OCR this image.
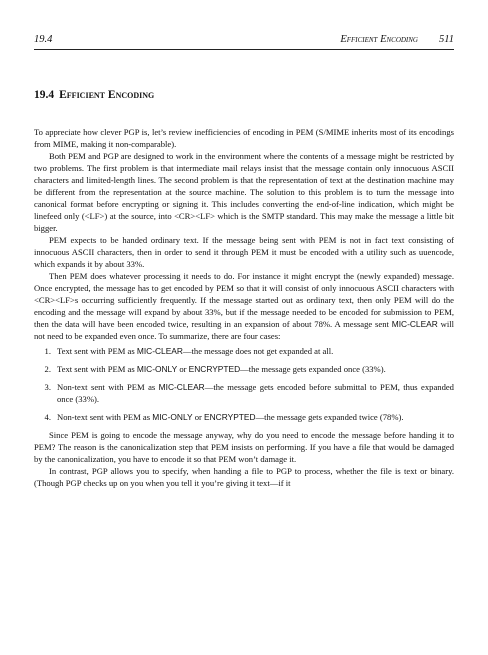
19.4	Efficient Encoding 511
19.4 Efficient Encoding

To appreciate how clever PGP is, let’s review inefficiencies of encoding in PEM (S/MIME inherits most of its encodings from MIME, making it non-comparable).

Both PEM and PGP are designed to work in the environment where the contents of a message might be restricted by two problems. The first problem is that intermediate mail relays insist that the message contain only innocuous ASCII characters and limited-length lines. The second problem is that the representation of text at the destination machine may be different from the representation at the source machine. The solution to this problem is to turn the message into canonical format before encrypting or signing it. This includes converting the end-of-line indication, which might be linefeed only (<LF>) at the source, into <CR><LF> which is the SMTP standard. This may make the message a little bit bigger.

PEM expects to be handed ordinary text. If the message being sent with PEM is not in fact text consisting of innocuous ASCII characters, then in order to send it through PEM it must be encoded with a utility such as uuencode, which expands it by about 33%.

Then PEM does whatever processing it needs to do. For instance it might encrypt the (newly expanded) message. Once encrypted, the message has to get encoded by PEM so that it will consist of only innocuous ASCII characters with <CR><LF>s occurring sufficiently frequently. If the message started out as ordinary text, then only PEM will do the encoding and the message will expand by about 33%, but if the message needed to be encoded for submission to PEM, then the data will have been encoded twice, resulting in an expansion of about 78%. A message sent MIC-CLEAR will not need to be expanded even once. To summarize, there are four cases:

1. Text sent with PEM as MIC-CLEAR—the message does not get expanded at all.
2. Text sent with PEM as MIC-ONLY or ENCRYPTED—the message gets expanded once (33%).
3. Non-text sent with PEM as MIC-CLEAR—the message gets encoded before submittal to PEM, thus expanded once (33%).
4. Non-text sent with PEM as MIC-ONLY or ENCRYPTED—the message gets expanded twice (78%).

Since PEM is going to encode the message anyway, why do you need to encode the message before handing it to PEM? The reason is the canonicalization step that PEM insists on performing. If you have a file that would be damaged by the canonicalization, you have to encode it so that PEM won’t damage it.

In contrast, PGP allows you to specify, when handing a file to PGP to process, whether the file is text or binary. (Though PGP checks up on you when you tell it you’re giving it text—if it
